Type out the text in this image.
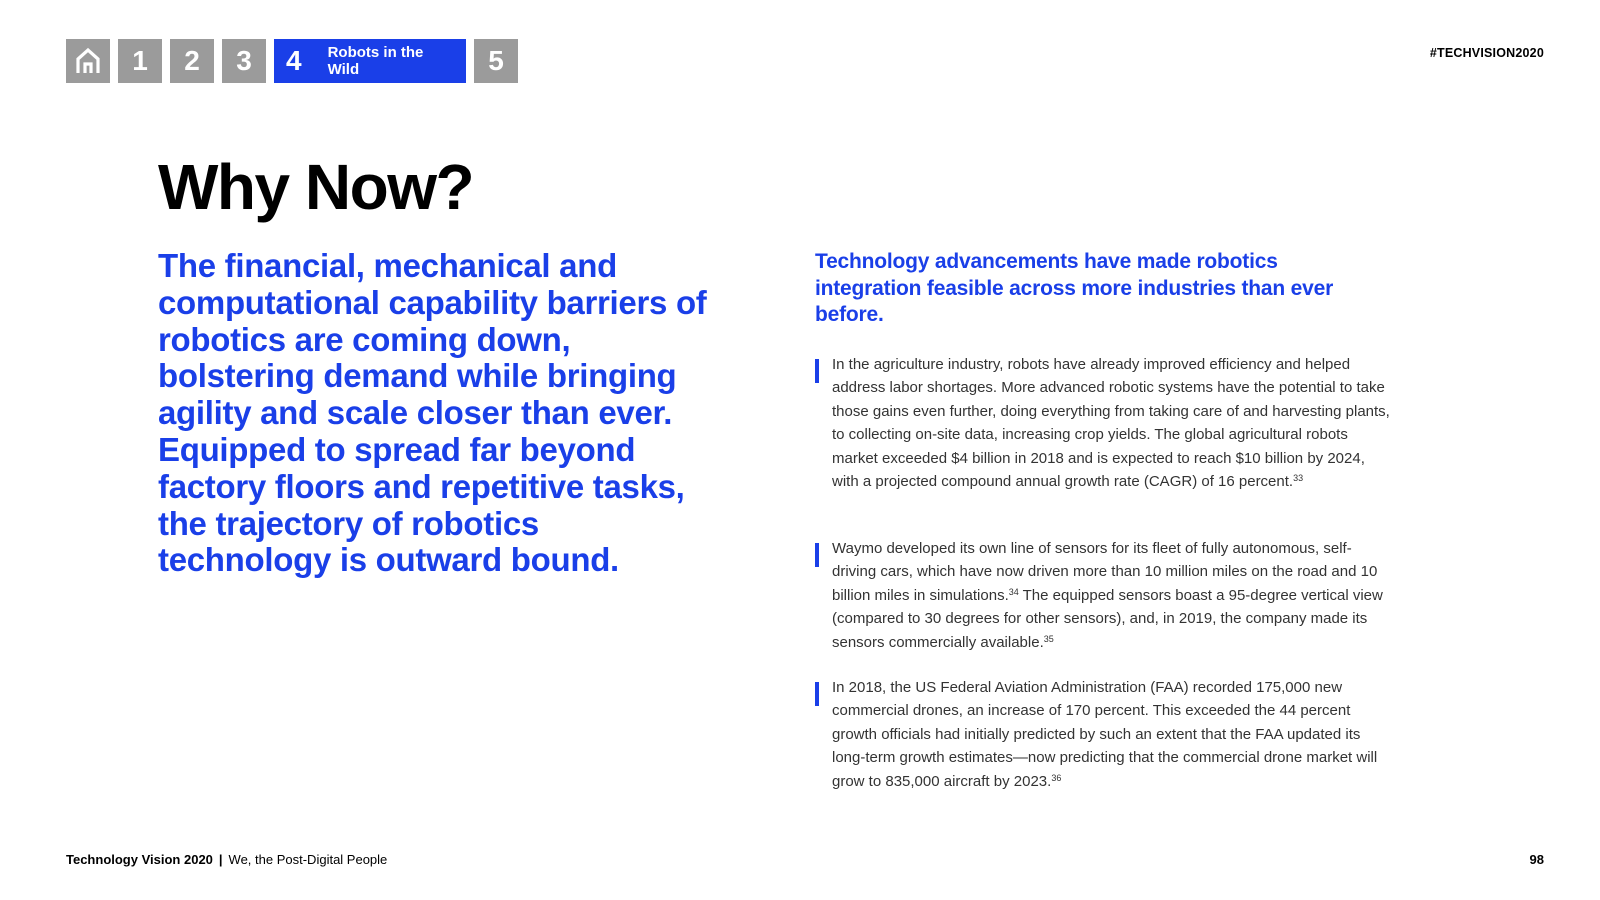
1	2	3	4 Robots in the Wild	5	#TECHVISION2020
Why Now?

The financial, mechanical and computational capability barriers of robotics are coming down, bolstering demand while bringing agility and scale closer than ever. Equipped to spread far beyond factory floors and repetitive tasks, the trajectory of robotics technology is outward bound.

Technology advancements have made robotics integration feasible across more industries than ever before.

In the agriculture industry, robots have already improved efficiency and helped address labor shortages. More advanced robotic systems have the potential to take those gains even further, doing everything from taking care of and harvesting plants, to collecting on-site data, increasing crop yields. The global agricultural robots market exceeded $4 billion in 2018 and is expected to reach $10 billion by 2024, with a projected compound annual growth rate (CAGR) of 16 percent.$^{33}$

Waymo developed its own line of sensors for its fleet of fully autonomous, self-driving cars, which have now driven more than 10 million miles on the road and 10 billion miles in simulations.$^{34}$ The equipped sensors boast a 95-degree vertical view (compared to 30 degrees for other sensors), and, in 2019, the company made its sensors commercially available.$^{35}$

In 2018, the US Federal Aviation Administration (FAA) recorded 175,000 new commercial drones, an increase of 170 percent. This exceeded the 44 percent growth officials had initially predicted by such an extent that the FAA updated its long-term growth estimates—now predicting that the commercial drone market will grow to 835,000 aircraft by 2023.36

Technology Vision 2020 | We, the Post-Digital People	98
